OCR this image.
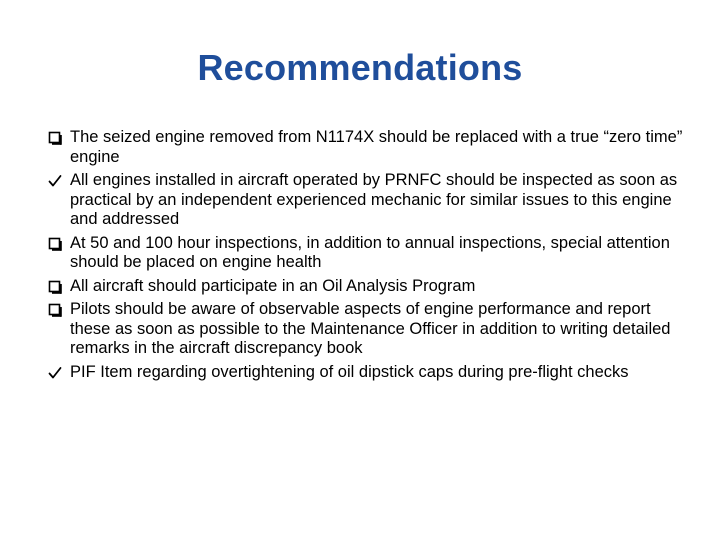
Recommendations
The seized engine removed from N1174X should be replaced with a true “zero time” engine
All engines installed in aircraft operated by PRNFC should be inspected as soon as practical by an independent experienced mechanic for similar issues to this engine and addressed
At 50 and 100 hour inspections, in addition to annual inspections, special attention should be placed on engine health
All aircraft should participate in an Oil Analysis Program
Pilots should be aware of observable aspects of engine performance and report these as soon as possible to the Maintenance Officer in addition to writing detailed remarks in the aircraft discrepancy book
PIF Item regarding overtightening of oil dipstick caps during pre-flight checks
